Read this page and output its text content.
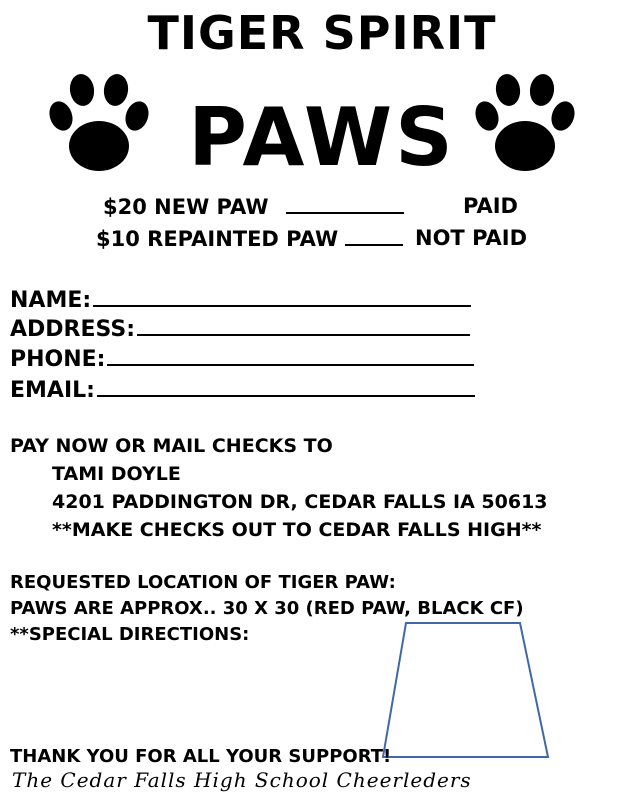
TIGER SPIRIT
PAWS
$20 NEW PAW
$10 REPAINTED PAW
PAID
NOT PAID
NAME:
ADDRESS:
PHONE:
EMAIL:
PAY NOW OR MAIL CHECKS TO
TAMI DOYLE
4201 PADDINGTON DR, CEDAR FALLS IA 50613
**MAKE CHECKS OUT TO CEDAR FALLS HIGH**
REQUESTED LOCATION OF TIGER PAW:
PAWS ARE APPROX.. 30 X 30 (RED PAW, BLACK CF)
**SPECIAL DIRECTIONS:
THANK YOU FOR ALL YOUR SUPPORT!
The Cedar Falls High School Cheerleders
